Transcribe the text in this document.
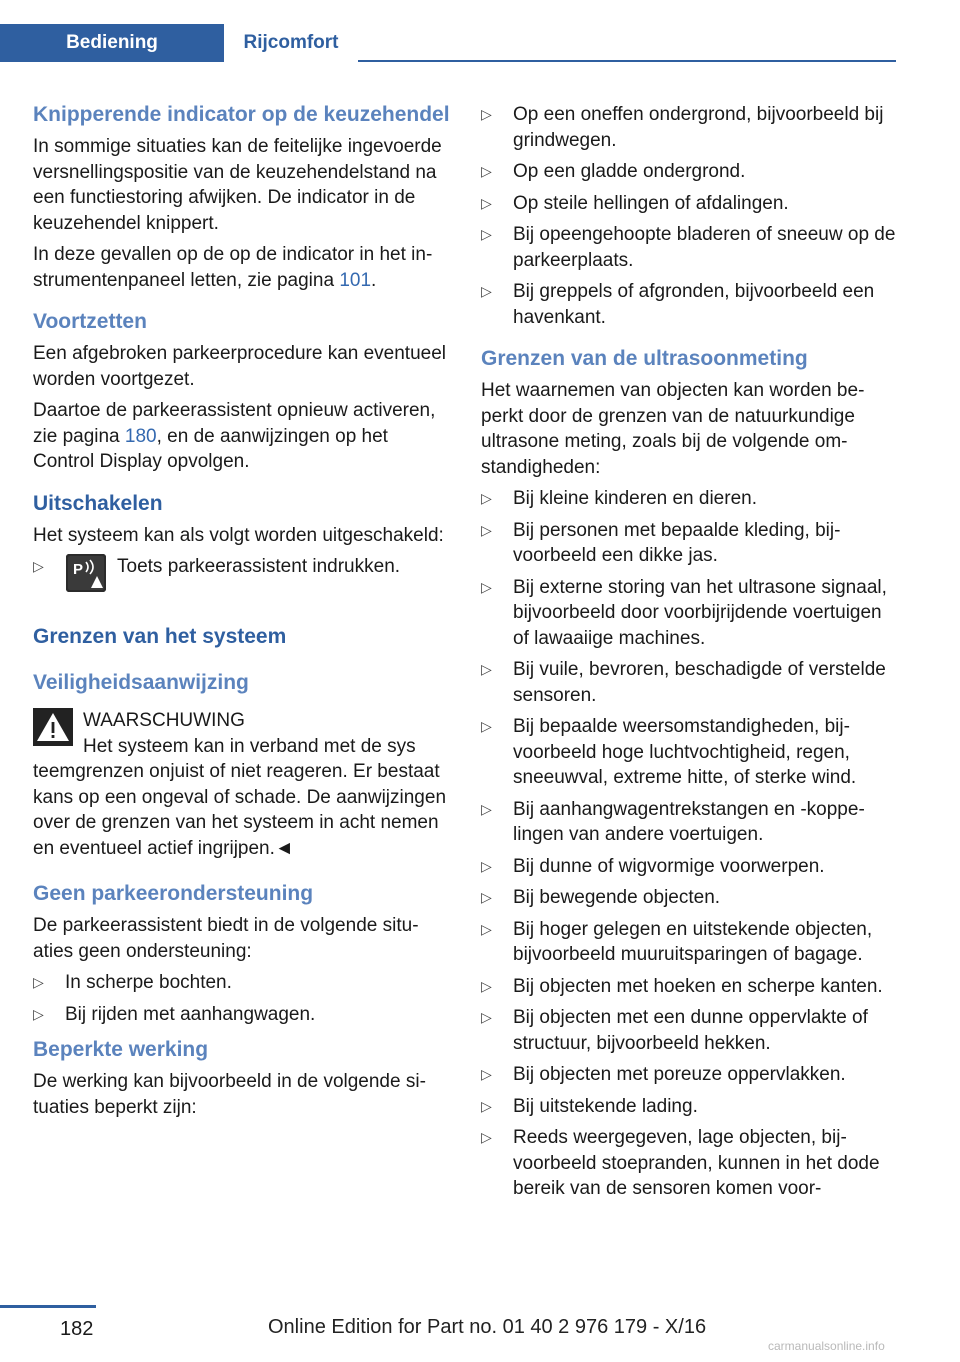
Bediening	Rijcomfort
Knipperende indicator op de keuzehendel

In sommige situaties kan de feitelijke ingevoerde versnellingspositie van de keuzehendelstand na een functiestoring afwijken. De indicator in de keuzehendel knippert.

In deze gevallen op de op de indicator in het instrumentenpaneel letten, zie pagina 101.

Voortzetten

Een afgebroken parkeerprocedure kan eventueel worden voortgezet.

Daartoe de parkeerassistent opnieuw activeren, zie pagina 180, en de aanwijzingen op het Control Display opvolgen.

Uitschakelen

Het systeem kan als volgt worden uitgeschakeld:

▷ P Toets parkeerassistent indrukken.
Grenzen van het systeem
Veiligheidsaanwijzing
WAARSCHUWING
Het systeem kan in verband met de sys
teemgrenzen onjuist of niet reageren. Er bestaat kans op een ongeval of schade. De aanwijzingen over de grenzen van het systeem in acht nemen en eventueel actief ingrijpen.◄
Geen parkeerondersteuning

De parkeerassistent biedt in de volgende situaties geen ondersteuning:

▷ In scherpe bochten.
▷ Bij rijden met aanhangwagen.
Beperkte werking

De werking kan bijvoorbeeld in de volgende situaties beperkt zijn:

▷ Op een oneffen ondergrond, bijvoorbeeld bij grindwegen.
▷ Op een gladde ondergrond.
▷ Op steile hellingen of afdalingen.
▷ Bij opeengehoopte bladeren of sneeuw op de parkeerplaats.
▷ Bij greppels of afgronden, bijvoorbeeld een havenkant.
Grenzen van de ultrasoonmeting

Het waarnemen van objecten kan worden beperkt door de grenzen van de natuurkundige ultrasone meting, zoals bij de volgende omstandigheden:

▷ Bij kleine kinderen en dieren.
▷ Bij personen met bepaalde kleding, bijvoorbeeld een dikke jas.
▷ Bij externe storing van het ultrasone signaal, bijvoorbeeld door voorbijrijdende voertuigen of lawaaiige machines.
▷ Bij vuile, bevroren, beschadigde of verstelde sensoren.
▷ Bij bepaalde weersomstandigheden, bijvoorbeeld hoge luchtvochtigheid, regen, sneeuwval, extreme hitte, of sterke wind.
▷ Bij aanhangwagentrekstangen en -koppelingen van andere voertuigen.
▷ Bij dunne of wigvormige voorwerpen.
▷ Bij bewegende objecten.
▷ Bij hoger gelegen en uitstekende objecten, bijvoorbeeld muuruitsparingen of bagage.
▷ Bij objecten met hoeken en scherpe kanten.
▷ Bij objecten met een dunne oppervlakte of structuur, bijvoorbeeld hekken.
▷ Bij objecten met poreuze oppervlakken.
▷ Bij uitstekende lading.
▷ Reeds weergegeven, lage objecten, bijvoorbeeld stoepranden, kunnen in het dode bereik van de sensoren komen voor-
182	Online Edition for Part no. 01 40 2 976 179 - X/16
carmanualsonline.info
